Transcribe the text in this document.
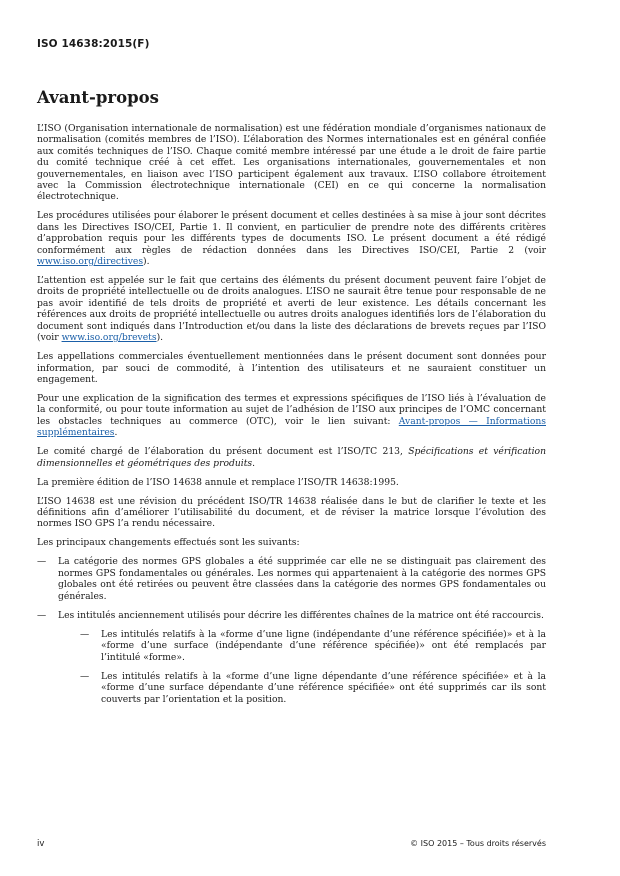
ISO 14638:2015(F)
Avant-propos

L’ISO (Organisation internationale de normalisation) est une fédération mondiale d’organismes nationaux de normalisation (comités membres de l’ISO). L’élaboration des Normes internationales est en général confiée aux comités techniques de l’ISO. Chaque comité membre intéressé par une étude a le droit de faire partie du comité technique créé à cet effet. Les organisations internationales, gouvernementales et non gouvernementales, en liaison avec l’ISO participent également aux travaux. L’ISO collabore étroitement avec la Commission électrotechnique internationale (CEI) en ce qui concerne la normalisation électrotechnique.

Les procédures utilisées pour élaborer le présent document et celles destinées à sa mise à jour sont décrites dans les Directives ISO/CEI, Partie 1. Il convient, en particulier de prendre note des différents critères d’approbation requis pour les différents types de documents ISO. Le présent document a été rédigé conformément aux règles de rédaction données dans les Directives ISO/CEI, Partie 2 (voir www.iso.org/directives).

L’attention est appelée sur le fait que certains des éléments du présent document peuvent faire l’objet de droits de propriété intellectuelle ou de droits analogues. L’ISO ne saurait être tenue pour responsable de ne pas avoir identifié de tels droits de propriété et averti de leur existence. Les détails concernant les références aux droits de propriété intellectuelle ou autres droits analogues identifiés lors de l’élaboration du document sont indiqués dans l’Introduction et/ou dans la liste des déclarations de brevets reçues par l’ISO (voir www.iso.org/brevets).

Les appellations commerciales éventuellement mentionnées dans le présent document sont données pour information, par souci de commodité, à l’intention des utilisateurs et ne sauraient constituer un engagement.

Pour une explication de la signification des termes et expressions spécifiques de l’ISO liés à l’évaluation de la conformité, ou pour toute information au sujet de l’adhésion de l’ISO aux principes de l’OMC concernant les obstacles techniques au commerce (OTC), voir le lien suivant: Avant-propos — Informations supplémentaires.

Le comité chargé de l’élaboration du présent document est l’ISO/TC 213, Spécifications et vérification dimensionnelles et géométriques des produits.

La première édition de l’ISO 14638 annule et remplace l’ISO/TR 14638:1995.

L’ISO 14638 est une révision du précédent ISO/TR 14638 réalisée dans le but de clarifier le texte et les définitions afin d’améliorer l’utilisabilité du document, et de réviser la matrice lorsque l’évolution des normes ISO GPS l’a rendu nécessaire.

Les principaux changements effectués sont les suivants:

—	La catégorie des normes GPS globales a été supprimée car elle ne se distinguait pas clairement des normes GPS fondamentales ou générales. Les normes qui appartenaient à la catégorie des normes GPS globales ont été retirées ou peuvent être classées dans la catégorie des normes GPS fondamentales ou générales.
—	Les intitulés anciennement utilisés pour décrire les différentes chaînes de la matrice ont été raccourcis.
—	Les intitulés relatifs à la «forme d’une ligne (indépendante d’une référence spécifiée)» et à la «forme d’une surface (indépendante d’une référence spécifiée)» ont été remplacés par l’intitulé «forme».
—	Les intitulés relatifs à la «forme d’une ligne dépendante d’une référence spécifiée» et à la «forme d’une surface dépendante d’une référence spécifiée» ont été supprimés car ils sont couverts par l’orientation et la position.
iv	© ISO 2015 – Tous droits réservés
